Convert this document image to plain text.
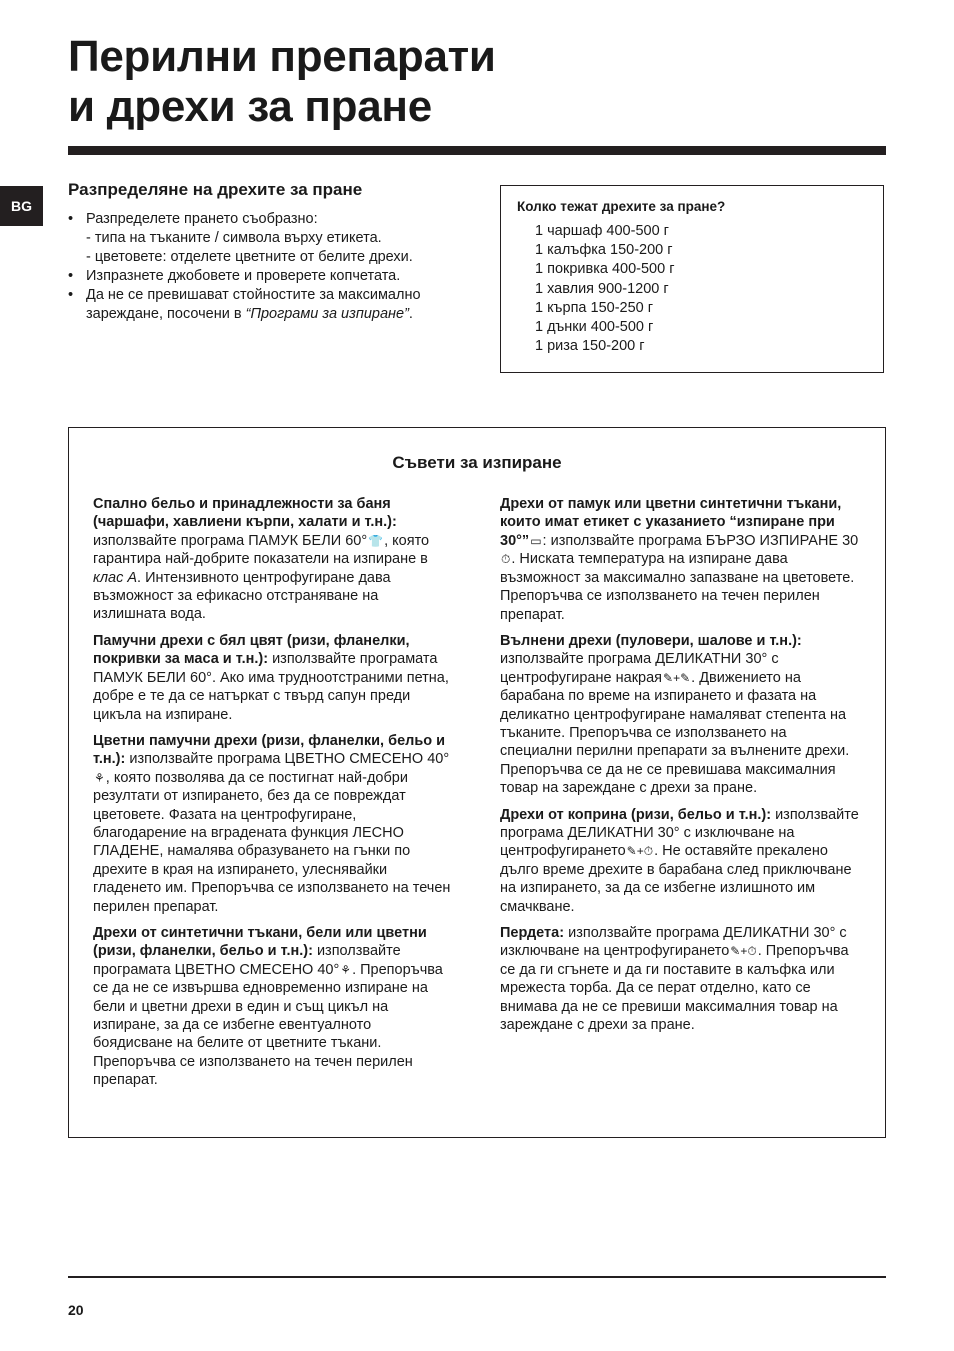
Перилни препарати
и дрехи за пране
BG
Разпределяне на дрехите за пране
• Разпределете прането съобразно:
- типа на тъканите / символа върху етикета.
- цветовете: отделете цветните от белите дрехи.
• Изпразнете джобовете и проверете копчетата.
• Да не се превишават стойностите за максимално зареждане, посочени в “Програми за изпиране”.
Колко тежат дрехите за пране?
1 чаршаф 400-500 г
1 калъфка 150-200 г
1 покривка 400-500 г
1 хавлия 900-1200 г
1 кърпа 150-250 г
1 дънки 400-500 г
1 риза 150-200 г
Съвети за изпиране

Спално бельо и принадлежности за баня (чаршафи, хавлиени кърпи, халати и т.н.): използвайте програма ПАМУК БЕЛИ 60°👕, която гарантира най-добрите показатели на изпиране в клас А. Интензивното центрофугиране дава възможност за ефикасно отстраняване на излишната вода.

Памучни дрехи с бял цвят (ризи, фланелки, покривки за маса и т.н.): използвайте програмата ПАМУК БЕЛИ 60°. Ако има трудноотстраними петна, добре е те да се натъркат с твърд сапун преди цикъла на изпиране.

Цветни памучни дрехи (ризи, фланелки, бельо и т.н.): използвайте програма ЦВЕТНО СМЕСЕНО 40°⚘, която позволява да се постигнат най-добри резултати от изпирането, без да се повреждат цветовете. Фазата на центрофугиране, благодарение на вградената функция ЛЕСНО ГЛАДЕНЕ, намалява образуването на гънки по дрехите в края на изпирането, улеснявайки гладенето им. Препоръчва се използването на течен перилен препарат.

Дрехи от синтетични тъкани, бели или цветни (ризи, фланелки, бельо и т.н.): използвайте програмата ЦВЕТНО СМЕСЕНО 40°⚘. Препоръчва се да не се извършва едновременно изпиране на бели и цветни дрехи в един и същ цикъл на изпиране, за да се избегне евентуалното боядисване на белите от цветните тъкани. Препоръчва се използването на течен перилен препарат.

Дрехи от памук или цветни синтетични тъкани, които имат етикет с указанието “изпиране при 30°”▭: използвайте програма БЪРЗО ИЗПИРАНЕ 30⏱. Ниската температура на изпиране дава възможност за максимално запазване на цветовете. Препоръчва се използването на течен перилен препарат.

Вълнени дрехи (пуловери, шалове и т.н.): използвайте програма ДЕЛИКАТНИ 30° с центрофугиране накрая✎+✎. Движението на барабана по време на изпирането и фазата на деликатно центрофугиране намаляват степента на тъканите. Препоръчва се използването на специални перилни препарати за вълнените дрехи. Препоръчва се да не се превишава максималния товар на зареждане с дрехи за пране.

Дрехи от коприна (ризи, бельо и т.н.): използвайте програма ДЕЛИКАТНИ 30° с изключване на центрофугирането✎+⏱. Не оставяйте прекалено дълго време дрехите в барабана след приключване на изпирането, за да се избегне излишното им смачкване.

Пердета: използвайте програма ДЕЛИКАТНИ 30° с изключване на центрофугирането✎+⏱. Препоръчва се да ги сгънете и да ги поставите в калъфка или мрежеста торба. Да се перат отделно, като се внимава да не се превиши максималния товар на зареждане с дрехи за пране.

20
